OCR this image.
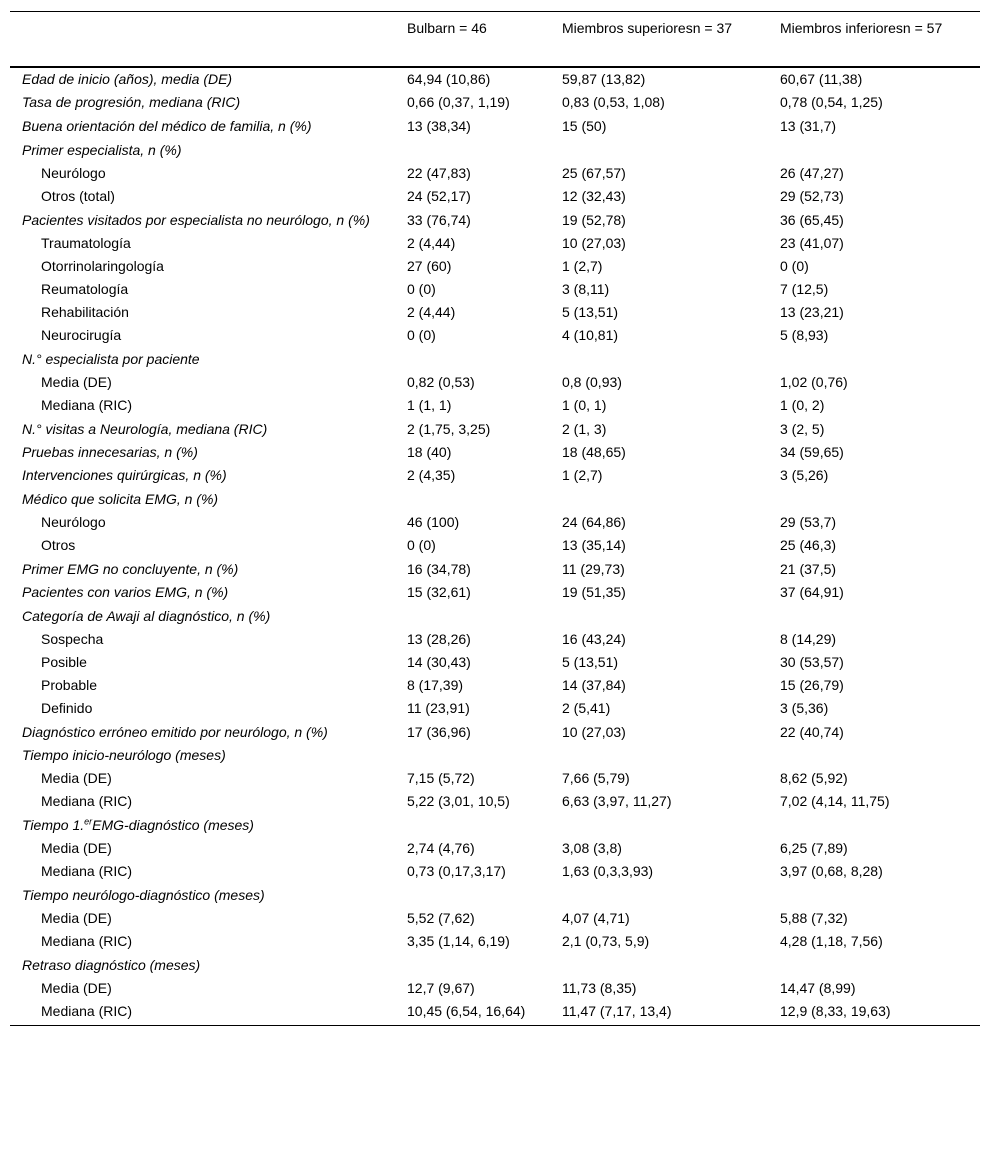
	Bulbarn = 46	Miembros superioresn = 37	Miembros inferioresn = 57
Edad de inicio (años), media (DE)	64,94 (10,86)	59,87 (13,82)	60,67 (11,38)
Tasa de progresión, mediana (RIC)	0,66 (0,37, 1,19)	0,83 (0,53, 1,08)	0,78 (0,54, 1,25)
Buena orientación del médico de familia, n (%)	13 (38,34)	15 (50)	13 (31,7)
Primer especialista, n (%)			
Neurólogo	22 (47,83)	25 (67,57)	26 (47,27)
Otros (total)	24 (52,17)	12 (32,43)	29 (52,73)
Pacientes visitados por especialista no neurólogo, n (%)	33 (76,74)	19 (52,78)	36 (65,45)
Traumatología	2 (4,44)	10 (27,03)	23 (41,07)
Otorrinolaringología	27 (60)	1 (2,7)	0 (0)
Reumatología	0 (0)	3 (8,11)	7 (12,5)
Rehabilitación	2 (4,44)	5 (13,51)	13 (23,21)
Neurocirugía	0 (0)	4 (10,81)	5 (8,93)
N.° especialista por paciente			
Media (DE)	0,82 (0,53)	0,8 (0,93)	1,02 (0,76)
Mediana (RIC)	1 (1, 1)	1 (0, 1)	1 (0, 2)
N.° visitas a Neurología, mediana (RIC)	2 (1,75, 3,25)	2 (1, 3)	3 (2, 5)
Pruebas innecesarias, n (%)	18 (40)	18 (48,65)	34 (59,65)
Intervenciones quirúrgicas, n (%)	2 (4,35)	1 (2,7)	3 (5,26)
Médico que solicita EMG, n (%)			
Neurólogo	46 (100)	24 (64,86)	29 (53,7)
Otros	0 (0)	13 (35,14)	25 (46,3)
Primer EMG no concluyente, n (%)	16 (34,78)	11 (29,73)	21 (37,5)
Pacientes con varios EMG, n (%)	15 (32,61)	19 (51,35)	37 (64,91)
Categoría de Awaji al diagnóstico, n (%)			
Sospecha	13 (28,26)	16 (43,24)	8 (14,29)
Posible	14 (30,43)	5 (13,51)	30 (53,57)
Probable	8 (17,39)	14 (37,84)	15 (26,79)
Definido	11 (23,91)	2 (5,41)	3 (5,36)
Diagnóstico erróneo emitido por neurólogo, n (%)	17 (36,96)	10 (27,03)	22 (40,74)
Tiempo inicio-neurólogo (meses)			
Media (DE)	7,15 (5,72)	7,66 (5,79)	8,62 (5,92)
Mediana (RIC)	5,22 (3,01, 10,5)	6,63 (3,97, 11,27)	7,02 (4,14, 11,75)
Tiempo 1.$^{er}$EMG-diagnóstico (meses)			
Media (DE)	2,74 (4,76)	3,08 (3,8)	6,25 (7,89)
Mediana (RIC)	0,73 (0,17,3,17)	1,63 (0,3,3,93)	3,97 (0,68, 8,28)
Tiempo neurólogo-diagnóstico (meses)			
Media (DE)	5,52 (7,62)	4,07 (4,71)	5,88 (7,32)
Mediana (RIC)	3,35 (1,14, 6,19)	2,1 (0,73, 5,9)	4,28 (1,18, 7,56)
Retraso diagnóstico (meses)			
Media (DE)	12,7 (9,67)	11,73 (8,35)	14,47 (8,99)
Mediana (RIC)	10,45 (6,54, 16,64)	11,47 (7,17, 13,4)	12,9 (8,33, 19,63)
